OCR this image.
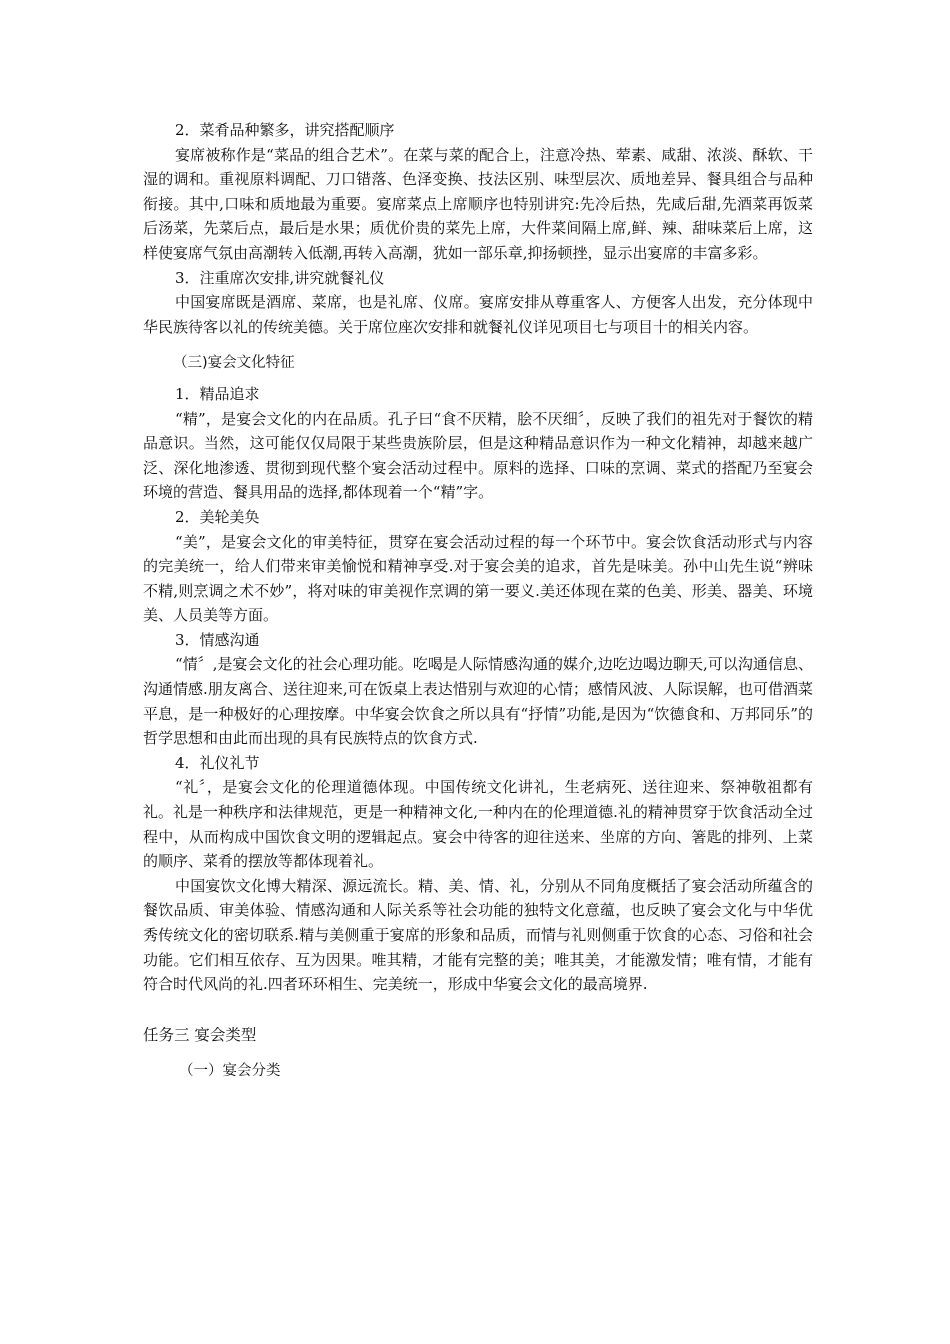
2．菜肴品种繁多，讲究搭配顺序

宴席被称作是“菜品的组合艺术”。在菜与菜的配合上，注意冷热、荤素、咸甜、浓淡、酥软、干湿的调和。重视原料调配、刀口错落、色泽变换、技法区别、味型层次、质地差异、餐具组合与品种衔接。其中,口味和质地最为重要。宴席菜点上席顺序也特别讲究:先冷后热，先咸后甜,先酒菜再饭菜后汤菜，先菜后点，最后是水果；质优价贵的菜先上席，大件菜间隔上席,鲜、辣、甜味菜后上席，这样使宴席气氛由高潮转入低潮,再转入高潮，犹如一部乐章,抑扬顿挫，显示出宴席的丰富多彩。

3．注重席次安排,讲究就餐礼仪

中国宴席既是酒席、菜席，也是礼席、仪席。宴席安排从尊重客人、方便客人出发，充分体现中华民族待客以礼的传统美德。关于席位座次安排和就餐礼仪详见项目七与项目十的相关内容。

（三)宴会文化特征

1．精品追求

“精”，是宴会文化的内在品质。孔子曰“食不厌精，脍不厌细〞，反映了我们的祖先对于餐饮的精品意识。当然，这可能仅仅局限于某些贵族阶层，但是这种精品意识作为一种文化精神，却越来越广泛、深化地渗透、贯彻到现代整个宴会活动过程中。原料的选择、口味的烹调、菜式的搭配乃至宴会环境的营造、餐具用品的选择,都体现着一个“精”字。

2．美轮美奂

“美”，是宴会文化的审美特征，贯穿在宴会活动过程的每一个环节中。宴会饮食活动形式与内容的完美统一，给人们带来审美愉悦和精神享受.对于宴会美的追求，首先是味美。孙中山先生说“辨味不精,则烹调之术不妙”，将对味的审美视作烹调的第一要义.美还体现在菜的色美、形美、器美、环境美、人员美等方面。

3．情感沟通

“情〞,是宴会文化的社会心理功能。吃喝是人际情感沟通的媒介,边吃边喝边聊天,可以沟通信息、沟通情感.朋友离合、送往迎来,可在饭桌上表达惜别与欢迎的心情；感情风波、人际误解，也可借酒菜平息，是一种极好的心理按摩。中华宴会饮食之所以具有“抒情”功能,是因为“饮德食和、万邦同乐”的哲学思想和由此而出现的具有民族特点的饮食方式.

4．礼仪礼节

“礼〞，是宴会文化的伦理道德体现。中国传统文化讲礼，生老病死、送往迎来、祭神敬祖都有礼。礼是一种秩序和法律规范，更是一种精神文化,一种内在的伦理道德.礼的精神贯穿于饮食活动全过程中，从而构成中国饮食文明的逻辑起点。宴会中待客的迎往送来、坐席的方向、箸匙的排列、上菜的顺序、菜肴的摆放等都体现着礼。

中国宴饮文化博大精深、源远流长。精、美、情、礼，分别从不同角度概括了宴会活动所蕴含的餐饮品质、审美体验、情感沟通和人际关系等社会功能的独特文化意蕴，也反映了宴会文化与中华优秀传统文化的密切联系.精与美侧重于宴席的形象和品质，而情与礼则侧重于饮食的心态、习俗和社会功能。它们相互依存、互为因果。唯其精，才能有完整的美；唯其美，才能激发情；唯有情，才能有符合时代风尚的礼.四者环环相生、完美统一，形成中华宴会文化的最高境界.

任务三 宴会类型

（一）宴会分类
